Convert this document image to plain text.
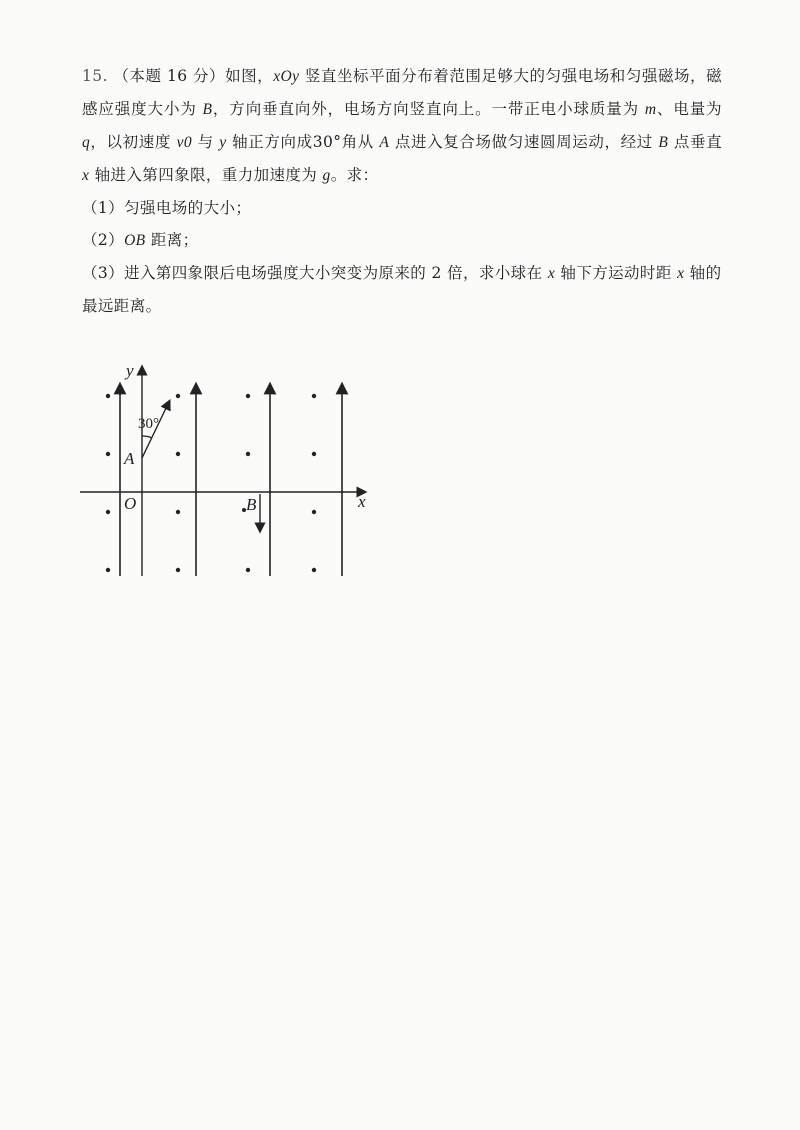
15. （本题 16 分）如图，xOy 竖直坐标平面分布着范围足够大的匀强电场和匀强磁场，磁感应强度大小为 B，方向垂直向外，电场方向竖直向上。一带正电小球质量为 m、电量为 q，以初速度 v0 与 y 轴正方向成30°角从 A 点进入复合场做匀速圆周运动，经过 B 点垂直 x 轴进入第四象限，重力加速度为 g。求：

（1）匀强电场的大小；

（2）OB 距离；

（3）进入第四象限后电场强度大小突变为原来的 2 倍，求小球在 x 轴下方运动时距 x 轴的最远距离。

x
y
O
30°
A
B
